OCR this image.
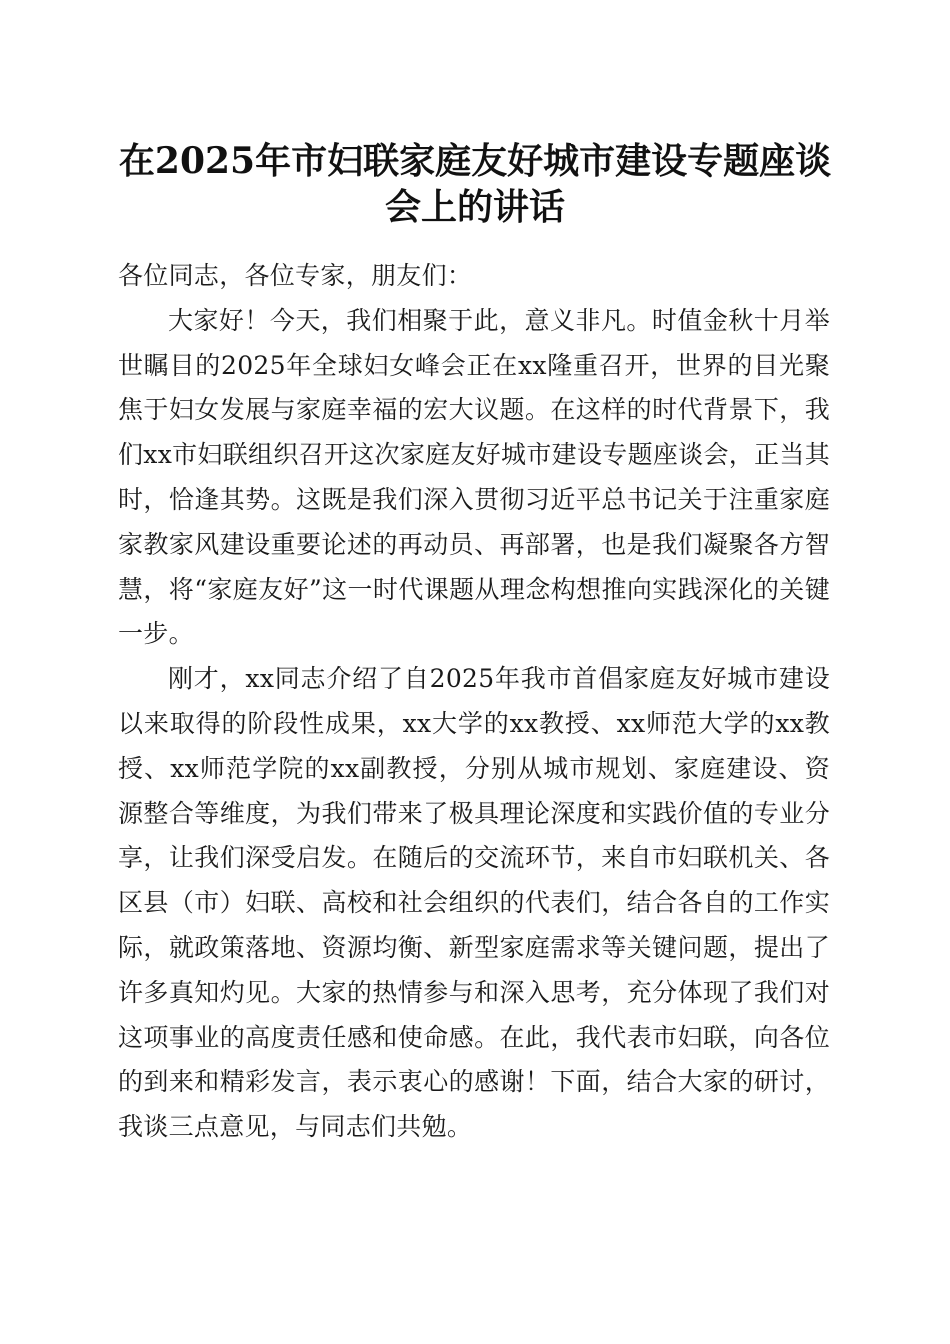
在2025年市妇联家庭友好城市建设专题座谈
会上的讲话

各位同志，各位专家，朋友们：

大家好！今天，我们相聚于此，意义非凡。时值金秋十月举世瞩目的2025年全球妇女峰会正在xx隆重召开，世界的目光聚焦于妇女发展与家庭幸福的宏大议题。在这样的时代背景下，我们xx市妇联组织召开这次家庭友好城市建设专题座谈会，正当其时，恰逢其势。这既是我们深入贯彻习近平总书记关于注重家庭家教家风建设重要论述的再动员、再部署，也是我们凝聚各方智慧，将“家庭友好”这一时代课题从理念构想推向实践深化的关键一步。

刚才，xx同志介绍了自2025年我市首倡家庭友好城市建设以来取得的阶段性成果，xx大学的xx教授、xx师范大学的xx教授、xx师范学院的xx副教授，分别从城市规划、家庭建设、资源整合等维度，为我们带来了极具理论深度和实践价值的专业分享，让我们深受启发。在随后的交流环节，来自市妇联机关、各区县（市）妇联、高校和社会组织的代表们，结合各自的工作实际，就政策落地、资源均衡、新型家庭需求等关键问题，提出了许多真知灼见。大家的热情参与和深入思考，充分体现了我们对这项事业的高度责任感和使命感。在此，我代表市妇联，向各位的到来和精彩发言，表示衷心的感谢！下面，结合大家的研讨，我谈三点意见，与同志们共勉。
